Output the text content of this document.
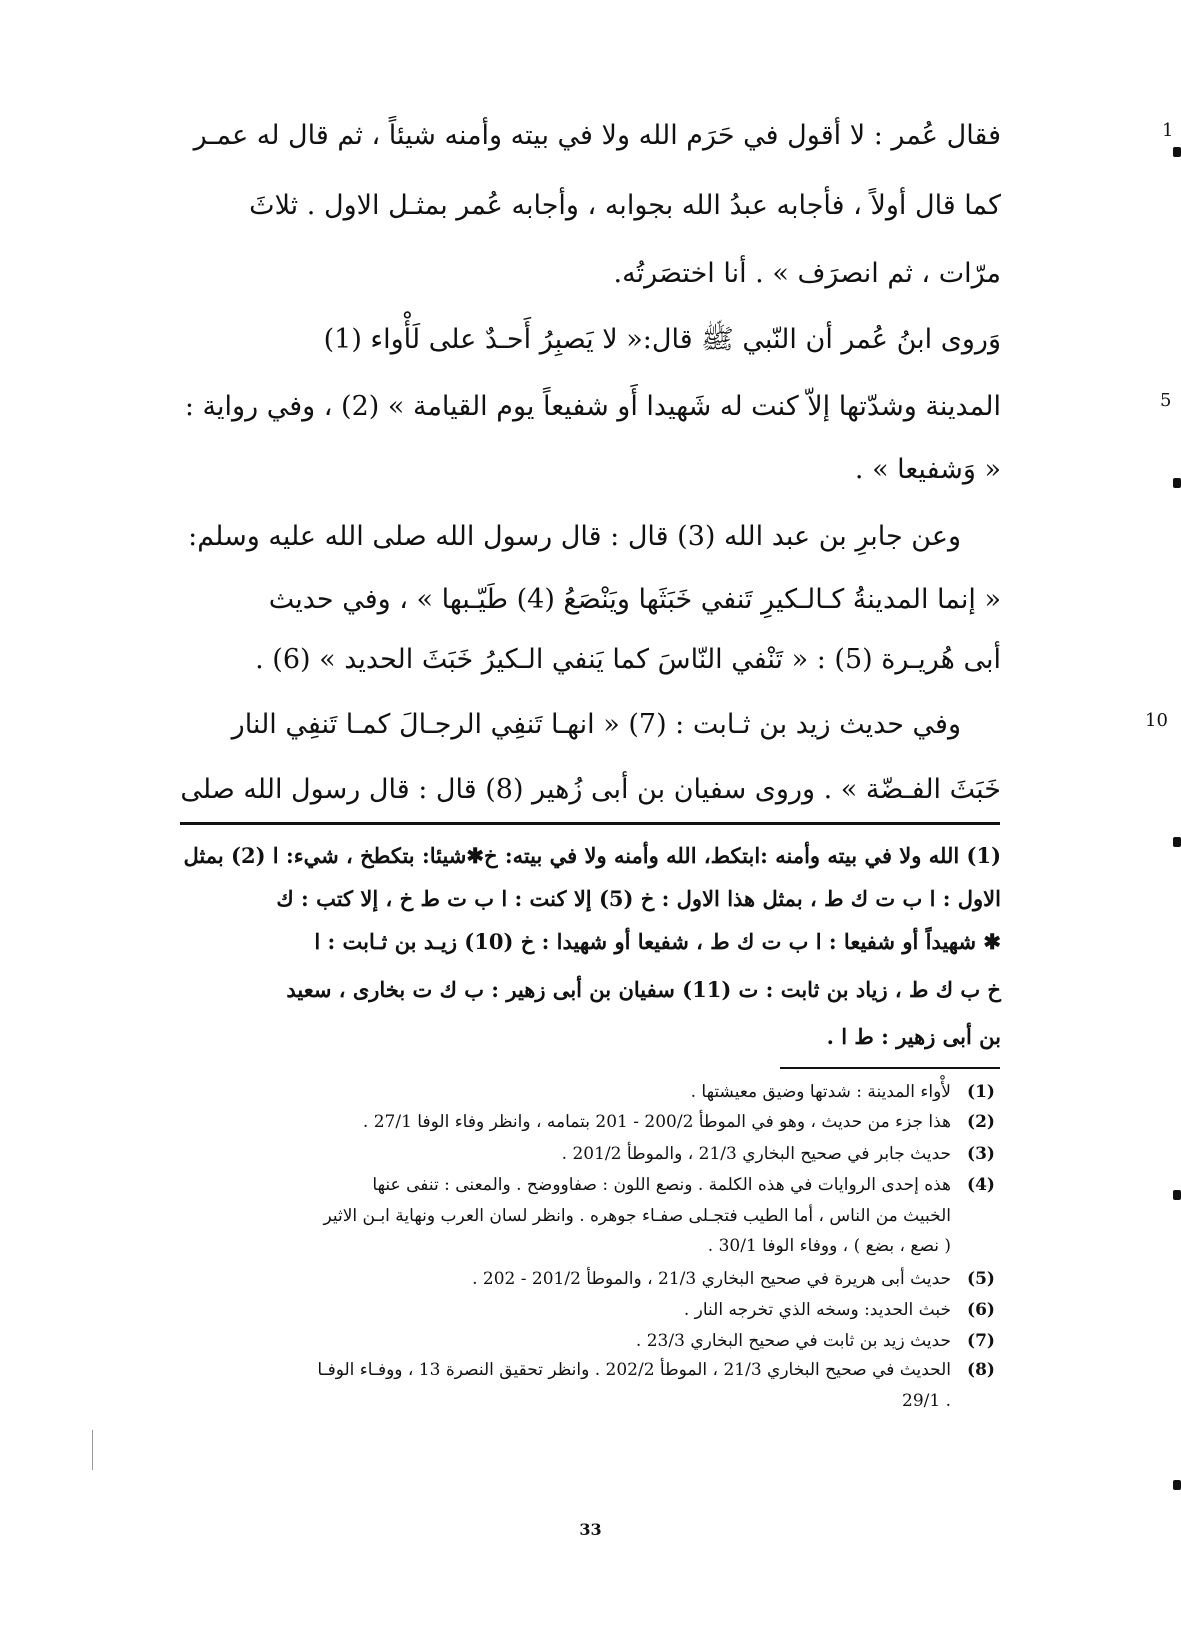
فقال عُمر : لا أقول في حَرَم الله ولا في بيته وأمنه شيئاً ، ثم قال له عمـر
كما قال أولاً ، فأجابه عبدُ الله بجوابه ، وأجابه عُمر بمثـل الاول . ثلاثَ
مرّات ، ثم انصرَف » . أنا اختصَرتُه.
وَروى ابنُ عُمر أن النّبي ﷺ قال:« لا يَصبِرُ أَحـدٌ على لَأْواء (1)
المدينة وشدّتها إلاّ كنت له شَهيدا أَو شفيعاً يوم القيامة » (2) ، وفي رواية :
« وَشفيعا » .
وعن جابرِ بن عبد الله (3) قال : قال رسول الله صلى الله عليه وسلم:
« إنما المدينةُ كـالـكيرِ تَنفي خَبَثَها ويَنْصَعُ (4) طَيّـبها » ، وفي حديث
أبى هُريـرة (5) : « تَنْفي النّاسَ كما يَنفي الـكيرُ خَبَثَ الحديد » (6) .
وفي حديث زيد بن ثـابت : (7) « انهـا تَنفِي الرجـالَ كمـا تَنفِي النار
خَبَثَ الفـضّة » . وروى سفيان بن أبى زُهير (8) قال : قال رسول الله صلى
1
5
10
(1) الله ولا في بيته وأمنه :ابتكط، الله وأمنه ولا في بيته: خ✱شيئا: بتكطخ ، شيء: ا (2) بمثل
الاول : ا ب ت ك ط ، بمثل هذا الاول : خ (5) إلا كنت : ا ب ت ط خ ، إلا كتب : ك
✱ شهيداً أو شفيعا : ا ب ت ك ط ، شفيعا أو شهيدا : خ (10) زيـد بن ثـابت : ا
خ ب ك ط ، زياد بن ثابت : ت (11) سفيان بن أبى زهير : ب ك ت بخارى ، سعيد
بن أبى زهير : ط ا .
(1)
لأْواء المدينة : شدتها وضيق معيشتها .
(2)
هذا جزء من حديث ، وهو في الموطأ 200/2 - 201 بتمامه ، وانظر وفاء الوفا 27/1 .
(3)
حديث جابر في صحيح البخاري 21/3 ، والموطأ 201/2 .
(4)
هذه إحدى الروايات في هذه الكلمة . ونصع اللون : صفاووضح . والمعنى : تنفى عنها
الخبيث من الناس ، أما الطيب فتجـلى صفـاء جوهره . وانظر لسان العرب ونهاية ابـن الاثير
( نصع ، بضع ) ، ووفاء الوفا 30/1 .
(5)
حديث أبى هريرة في صحيح البخاري 21/3 ، والموطأ 201/2 - 202 .
(6)
خبث الحديد: وسخه الذي تخرجه النار .
(7)
حديث زيد بن ثابت في صحيح البخاري 23/3 .
(8)
الحديث في صحيح البخاري 21/3 ، الموطأ 202/2 . وانظر تحقيق النصرة 13 ، ووفـاء الوفـا
. 29/1
33
